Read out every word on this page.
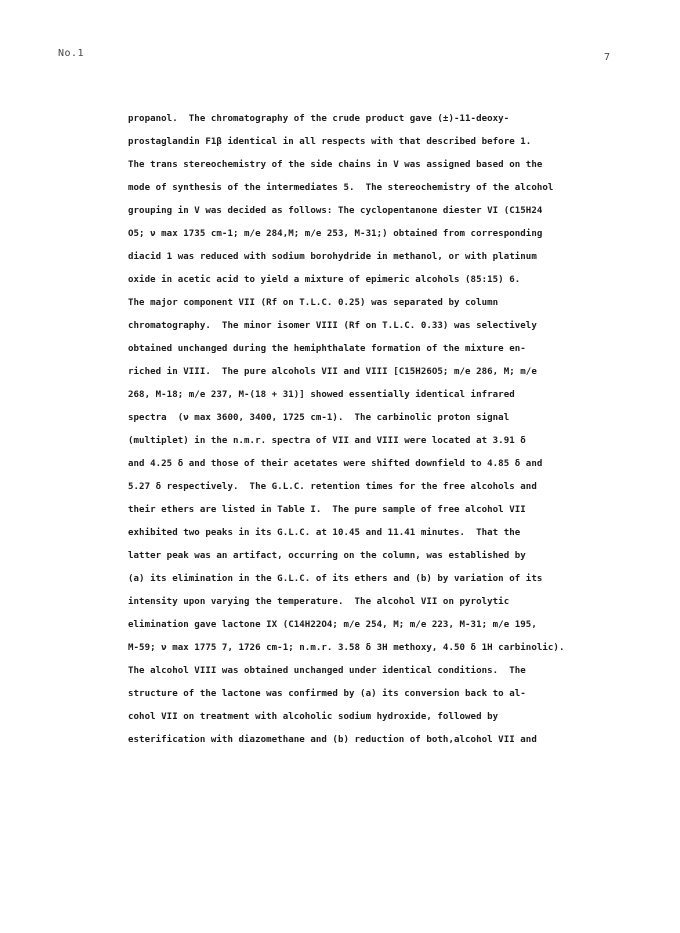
No.1	7
propanol.  The chromatography of the crude product gave (±)-11-deoxy-
prostaglandin F1β identical in all respects with that described before 1.
The trans stereochemistry of the side chains in V was assigned based on the
mode of synthesis of the intermediates 5.  The stereochemistry of the alcohol
grouping in V was decided as follows: The cyclopentanone diester VI (C15H24
O5; ν max 1735 cm-1; m/e 284,M; m/e 253, M-31;) obtained from corresponding
diacid 1 was reduced with sodium borohydride in methanol, or with platinum
oxide in acetic acid to yield a mixture of epimeric alcohols (85:15) 6.
The major component VII (Rf on T.L.C. 0.25) was separated by column
chromatography.  The minor isomer VIII (Rf on T.L.C. 0.33) was selectively
obtained unchanged during the hemiphthalate formation of the mixture en-
riched in VIII.  The pure alcohols VII and VIII [C15H26O5; m/e 286, M; m/e
268, M-18; m/e 237, M-(18 + 31)] showed essentially identical infrared
spectra  (ν max 3600, 3400, 1725 cm-1).  The carbinolic proton signal
(multiplet) in the n.m.r. spectra of VII and VIII were located at 3.91 δ
and 4.25 δ and those of their acetates were shifted downfield to 4.85 δ and
5.27 δ respectively.  The G.L.C. retention times for the free alcohols and
their ethers are listed in Table I.  The pure sample of free alcohol VII
exhibited two peaks in its G.L.C. at 10.45 and 11.41 minutes.  That the
latter peak was an artifact, occurring on the column, was established by
(a) its elimination in the G.L.C. of its ethers and (b) by variation of its
intensity upon varying the temperature.  The alcohol VII on pyrolytic
elimination gave lactone IX (C14H22O4; m/e 254, M; m/e 223, M-31; m/e 195,
M-59; ν max 1775 7, 1726 cm-1; n.m.r. 3.58 δ 3H methoxy, 4.50 δ 1H carbinolic).
The alcohol VIII was obtained unchanged under identical conditions.  The
structure of the lactone was confirmed by (a) its conversion back to al-
cohol VII on treatment with alcoholic sodium hydroxide, followed by
esterification with diazomethane and (b) reduction of both,alcohol VII and
